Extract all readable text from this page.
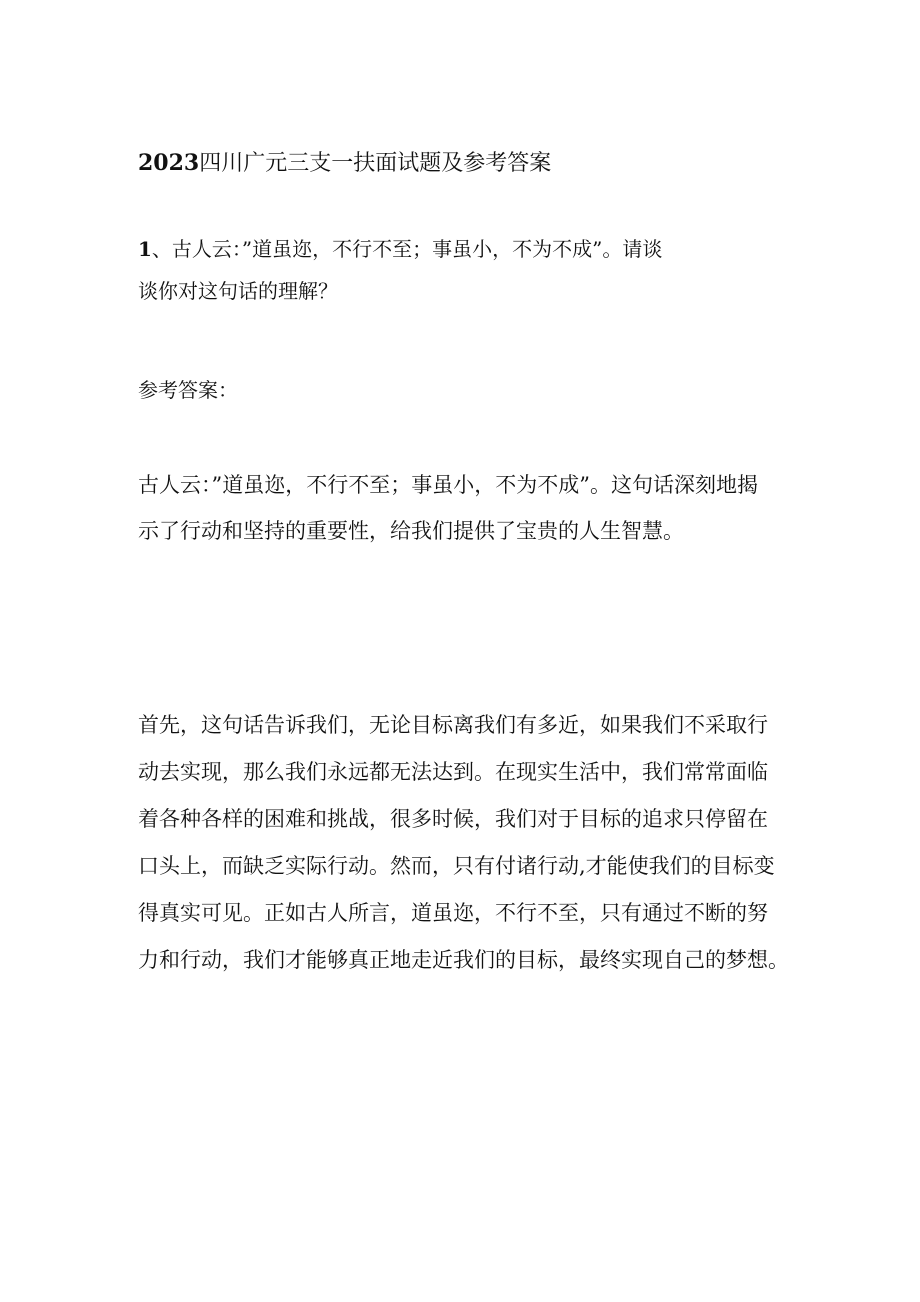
2023四川广元三支一扶面试题及参考答案
1、古人云：”道虽迩，不行不至；事虽小，不为不成”。请谈
谈你对这句话的理解？
参考答案：
古人云：”道虽迩，不行不至；事虽小，不为不成”。这句话深刻地揭
示了行动和坚持的重要性，给我们提供了宝贵的人生智慧。
首先，这句话告诉我们，无论目标离我们有多近，如果我们不采取行
动去实现，那么我们永远都无法达到。在现实生活中，我们常常面临
着各种各样的困难和挑战，很多时候，我们对于目标的追求只停留在
口头上，而缺乏实际行动。然而，只有付诸行动,才能使我们的目标变
得真实可见。正如古人所言，道虽迩，不行不至，只有通过不断的努
力和行动，我们才能够真正地走近我们的目标，最终实现自己的梦想。
